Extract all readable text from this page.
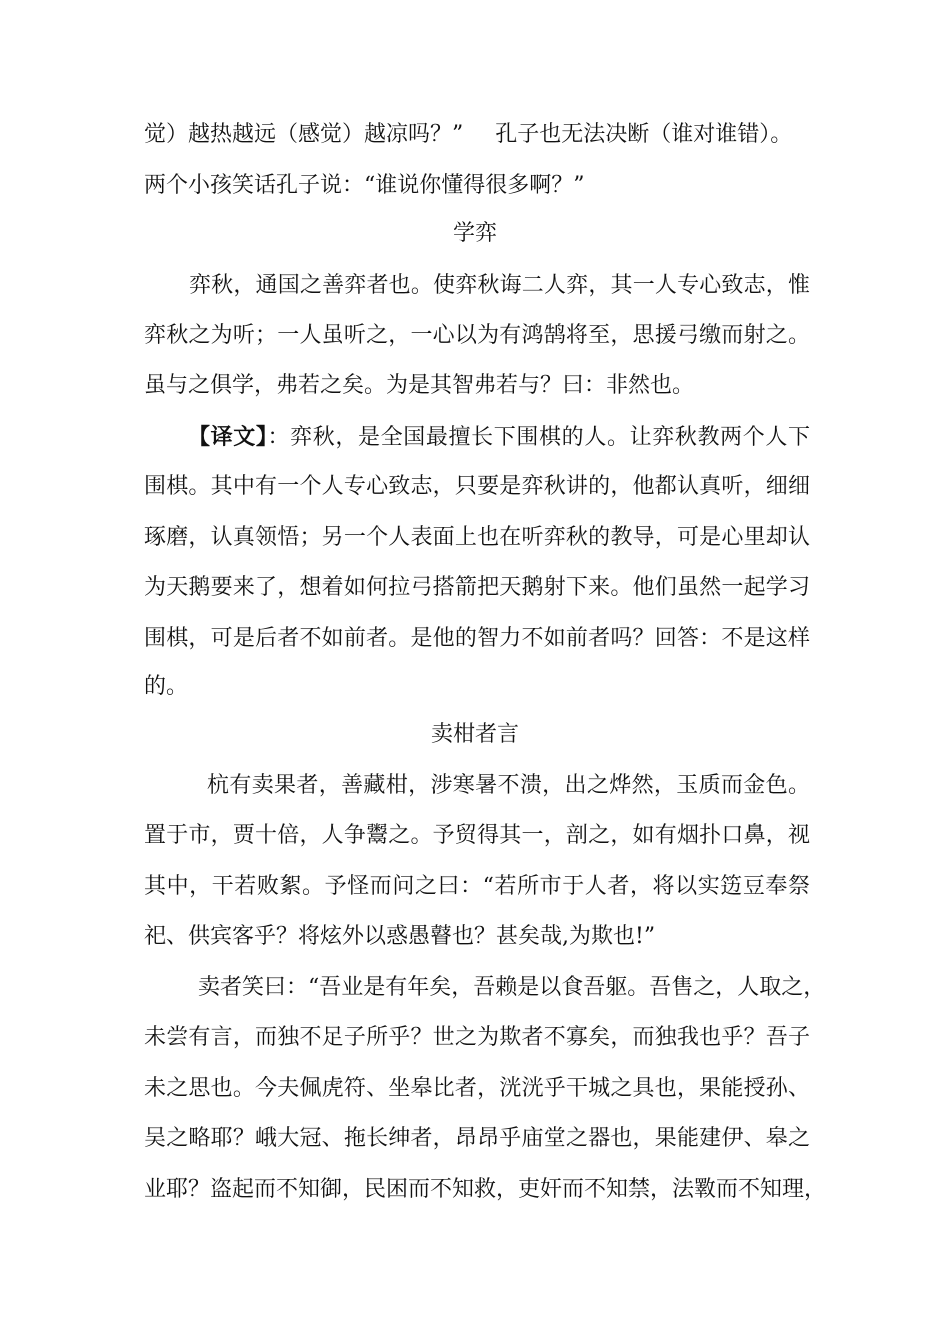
觉）越热越远（感觉）越凉吗？” 孔子也无法决断（谁对谁错）。
两个小孩笑话孔子说：“谁说你懂得很多啊？”
学弈
弈秋，通国之善弈者也。使弈秋诲二人弈，其一人专心致志，惟
弈秋之为听；一人虽听之，一心以为有鸿鹄将至，思援弓缴而射之。
虽与之俱学，弗若之矣。为是其智弗若与？曰：非然也。
【译文】：弈秋，是全国最擅长下围棋的人。让弈秋教两个人下
围棋。其中有一个人专心致志，只要是弈秋讲的，他都认真听，细细
琢磨，认真领悟；另一个人表面上也在听弈秋的教导，可是心里却认
为天鹅要来了，想着如何拉弓搭箭把天鹅射下来。他们虽然一起学习
围棋，可是后者不如前者。是他的智力不如前者吗？回答：不是这样
的。
卖柑者言
杭有卖果者，善藏柑，涉寒暑不溃，出之烨然，玉质而金色。
置于市，贾十倍，人争鬻之。予贸得其一，剖之，如有烟扑口鼻，视
其中，干若败絮。予怪而问之曰：“若所市于人者，将以实笾豆奉祭
祀、供宾客乎？将炫外以惑愚瞽也？甚矣哉,为欺也!”
卖者笑曰：“吾业是有年矣，吾赖是以食吾躯。吾售之，人取之，
未尝有言，而独不足子所乎？世之为欺者不寡矣，而独我也乎？吾子
未之思也。今夫佩虎符、坐皋比者，洸洸乎干城之具也，果能授孙、
吴之略耶？峨大冠、拖长绅者，昂昂乎庙堂之器也，果能建伊、皋之
业耶？盗起而不知御，民困而不知救，吏奸而不知禁，法斁而不知理，
